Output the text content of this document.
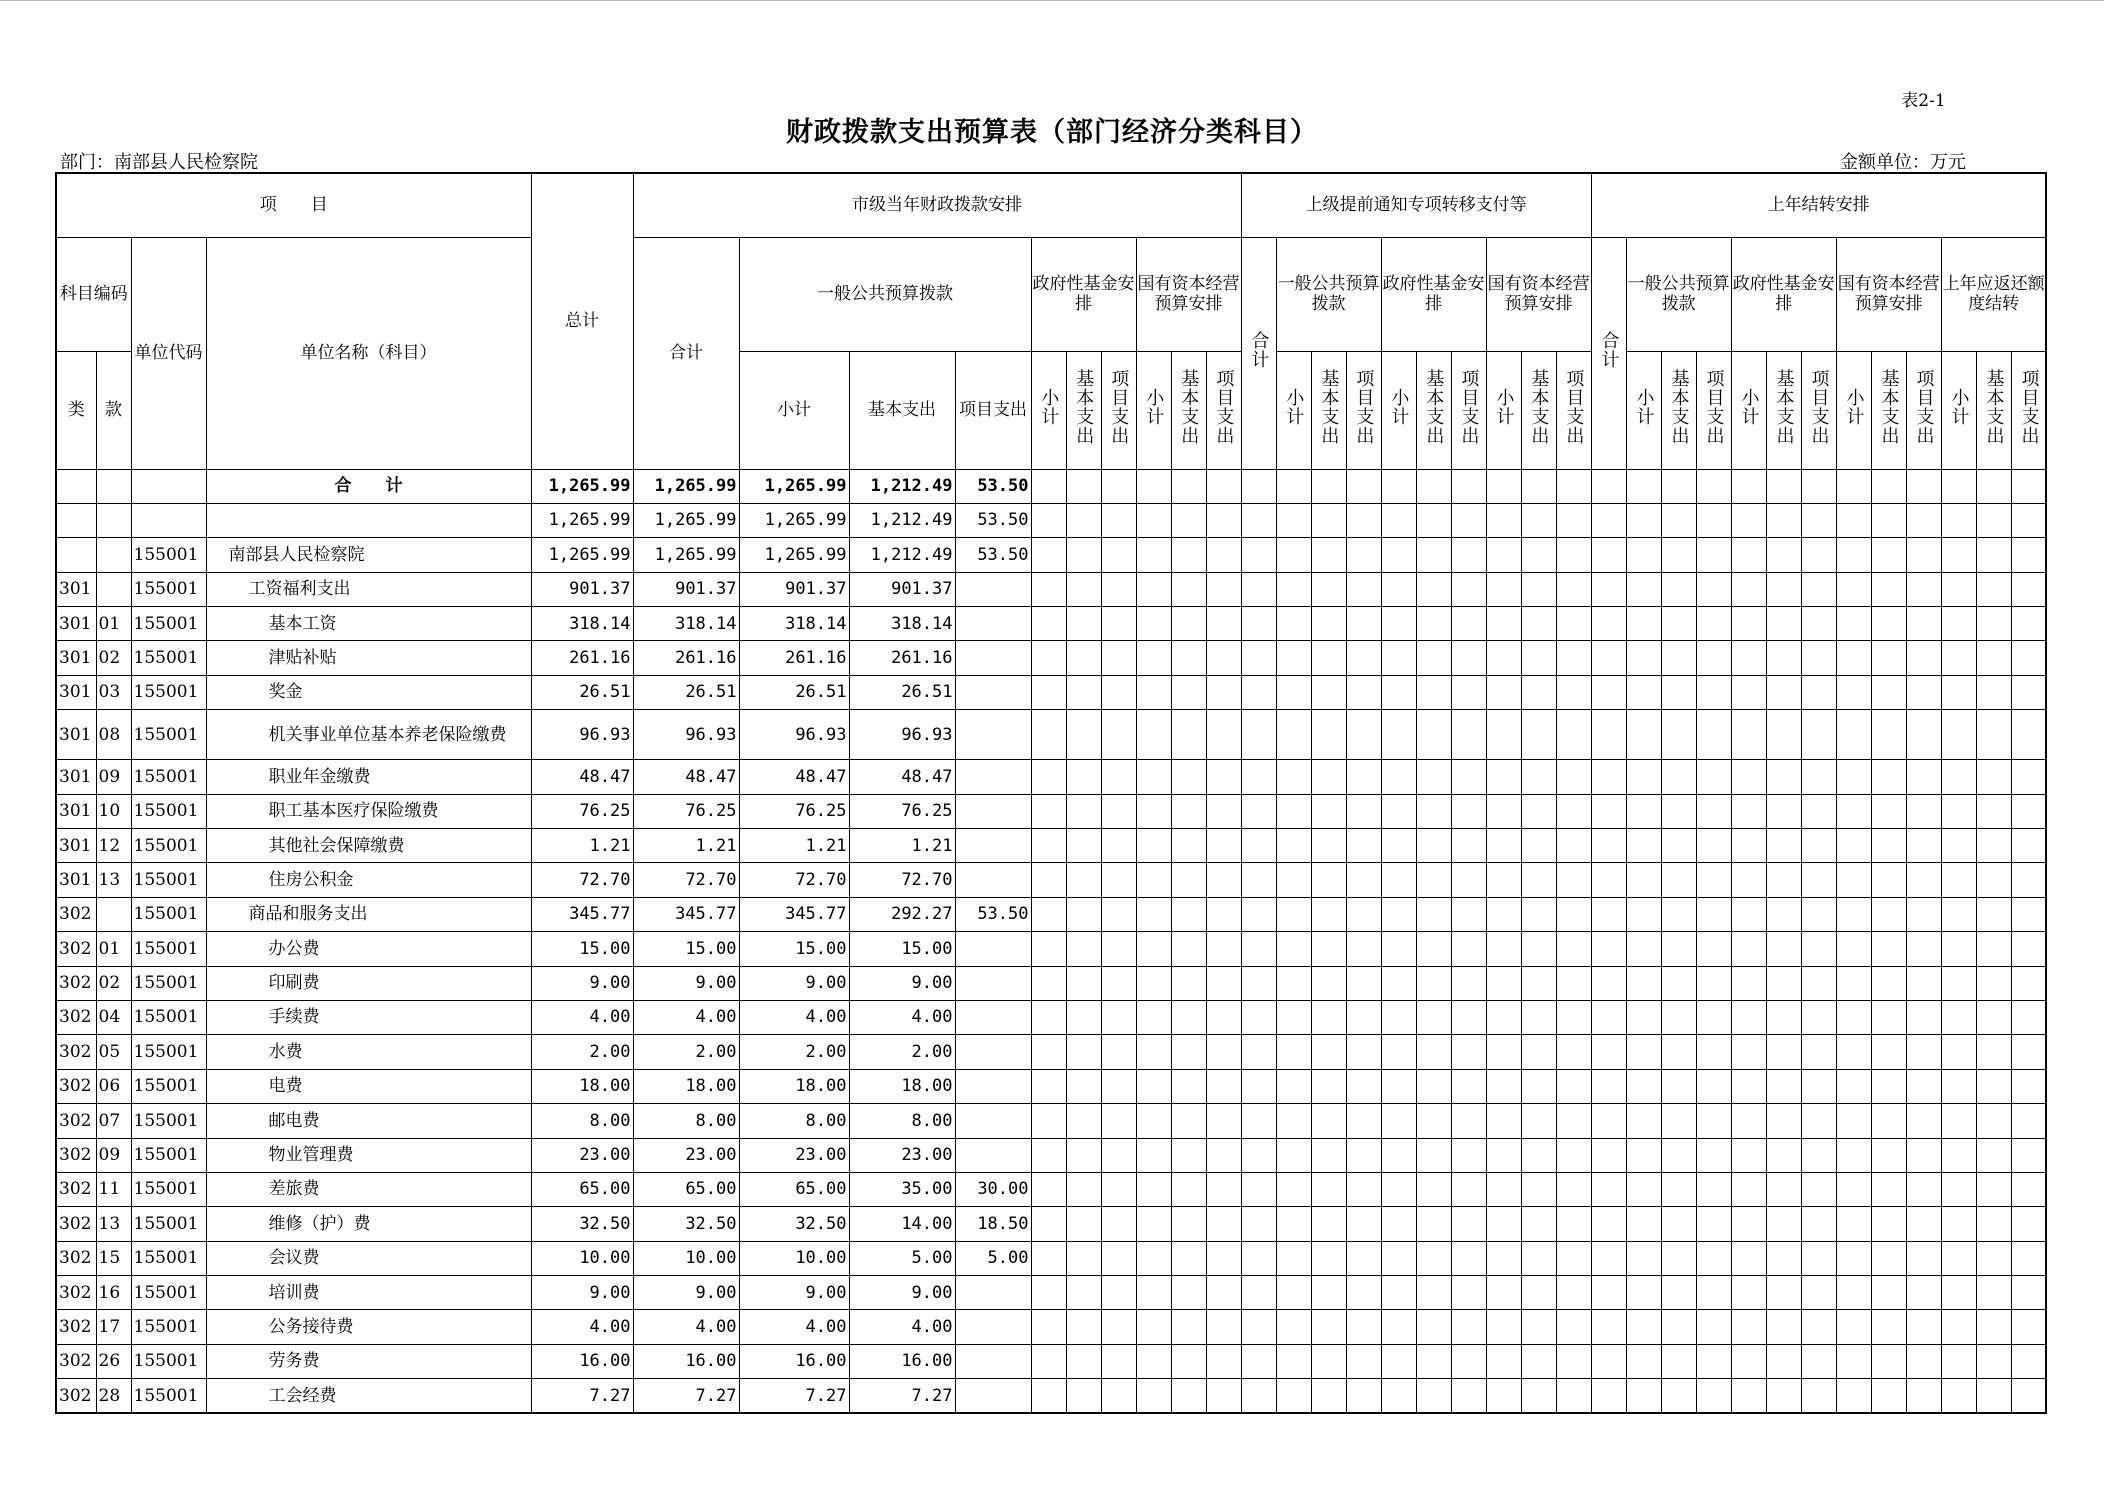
表2-1
财政拨款支出预算表（部门经济分类科目）
部门：南部县人民检察院	金额单位：万元
项　　目				总计	市级当年财政拨款安排										上级提前通知专项转移支付等										上年结转安排													
科目编码		单位代码	单位名称（科目）		合计	一般公共预算拨款			政府性基金安排			国有资本经营预算安排			合计	一般公共预算拨款			政府性基金安排			国有资本经营预算安排			合计	一般公共预算拨款			政府性基金安排			国有资本经营预算安排			上年应返还额度结转			
类	款					小计	基本支出	项目支出	小计	基本支出	项目支出	小计	基本支出	项目支出		小计	基本支出	项目支出	小计	基本支出	项目支出	小计	基本支出	项目支出		小计	基本支出	项目支出	小计	基本支出	项目支出	小计	基本支出	项目支出	小计	基本支出	项目支出			
			合　　计	1,265.99	1,265.99	1,265.99	1,212.49	53.50																														
				1,265.99	1,265.99	1,265.99	1,212.49	53.50																														
		155001	南部县人民检察院	1,265.99	1,265.99	1,265.99	1,212.49	53.50																														
301		155001	工资福利支出	901.37	901.37	901.37	901.37																															
301	01	155001	基本工资	318.14	318.14	318.14	318.14																															
301	02	155001	津贴补贴	261.16	261.16	261.16	261.16																															
301	03	155001	奖金	26.51	26.51	26.51	26.51																															
301	08	155001	机关事业单位基本养老保险缴费	96.93	96.93	96.93	96.93																															
301	09	155001	职业年金缴费	48.47	48.47	48.47	48.47																															
301	10	155001	职工基本医疗保险缴费	76.25	76.25	76.25	76.25																															
301	12	155001	其他社会保障缴费	1.21	1.21	1.21	1.21																															
301	13	155001	住房公积金	72.70	72.70	72.70	72.70																															
302		155001	商品和服务支出	345.77	345.77	345.77	292.27	53.50																														
302	01	155001	办公费	15.00	15.00	15.00	15.00																															
302	02	155001	印刷费	9.00	9.00	9.00	9.00																															
302	04	155001	手续费	4.00	4.00	4.00	4.00																															
302	05	155001	水费	2.00	2.00	2.00	2.00																															
302	06	155001	电费	18.00	18.00	18.00	18.00																															
302	07	155001	邮电费	8.00	8.00	8.00	8.00																															
302	09	155001	物业管理费	23.00	23.00	23.00	23.00																															
302	11	155001	差旅费	65.00	65.00	65.00	35.00	30.00																														
302	13	155001	维修（护）费	32.50	32.50	32.50	14.00	18.50																														
302	15	155001	会议费	10.00	10.00	10.00	5.00	5.00																														
302	16	155001	培训费	9.00	9.00	9.00	9.00																															
302	17	155001	公务接待费	4.00	4.00	4.00	4.00																															
302	26	155001	劳务费	16.00	16.00	16.00	16.00																															
302	28	155001	工会经费	7.27	7.27	7.27	7.27																															
